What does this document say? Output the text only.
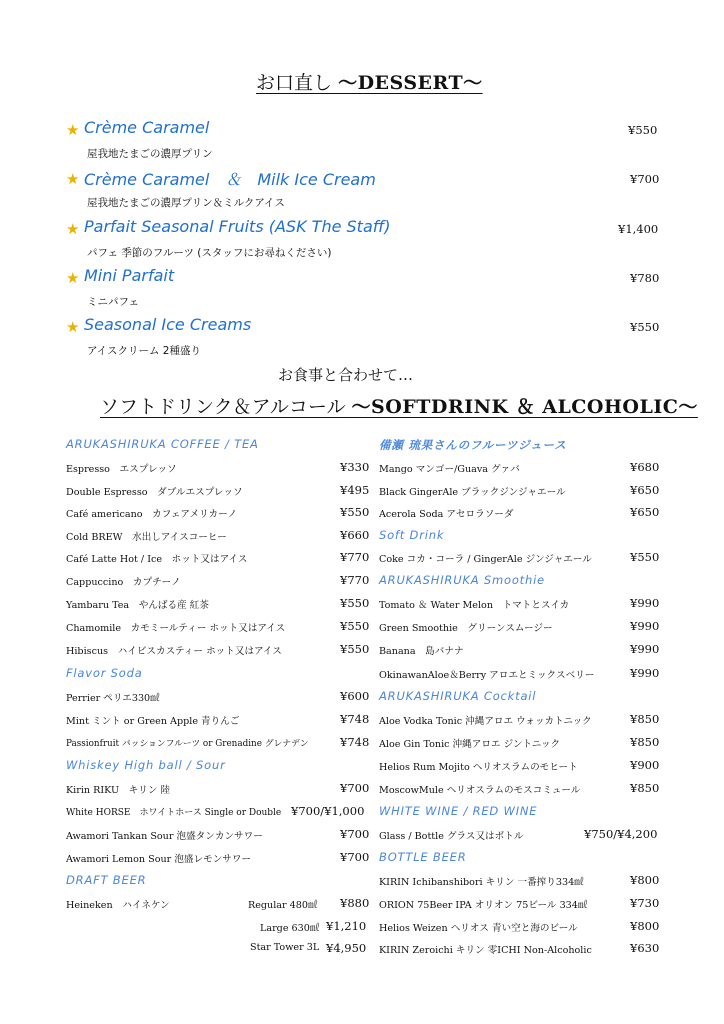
お口直し 〜DESSERT〜
★ Crème Caramel	¥550
屋我地たまごの濃厚プリン
★ Crème Caramel　＆　Milk Ice Cream	¥700
屋我地たまごの濃厚プリン＆ミルクアイス
★ Parfait Seasonal Fruits (ASK The Staff)	¥1,400
パフェ 季節のフルーツ (スタッフにお尋ねください)
★ Mini Parfait	¥780
ミニパフェ
★ Seasonal Ice Creams	¥550
アイスクリーム 2種盛り
お食事と合わせて…
ソフトドリンク＆アルコール 〜SOFTDRINK ＆ ALCOHOLIC〜
ARUKASHIRUKA COFFEE / TEA
Espresso　エスプレッソ	¥330
Double Espresso　ダブルエスプレッソ	¥495
Café americano　カフェアメリカーノ	¥550
Cold BREW　水出しアイスコーヒー	¥660
Café Latte Hot / Ice　ホット又はアイス	¥770
Cappuccino　カプチーノ	¥770
Yambaru Tea　やんばる産 紅茶	¥550
Chamomile　カモミールティー ホット又はアイス	¥550
Hibiscus　ハイビスカスティー ホット又はアイス	¥550
Flavor Soda
Perrier ペリエ330㎖	¥600
Mint ミント or Green Apple 青りんご	¥748
Passionfruit パッションフルーツ or Grenadine グレナデン	¥748
Whiskey High ball / Sour
Kirin RIKU　キリン 陸	¥700
White HORSE　ホワイトホース Single or Double ¥700/¥1,000
Awamori Tankan Sour 泡盛タンカンサワー	¥700
Awamori Lemon Sour 泡盛レモンサワー	¥700
DRAFT BEER
Heineken　ハイネケン	Regular 480㎖ ¥880
Large 630㎖ ¥1,210
Star Tower 3L ¥4,950
備瀬 琉果さんのフルーツジュース
Mango マンゴー/Guava グァバ	¥680
Black GingerAle ブラックジンジャエール	¥650
Acerola Soda アセロラソーダ	¥650
Soft Drink
Coke コカ・コーラ / GingerAle ジンジャエール	¥550
ARUKASHIRUKA Smoothie
Tomato ＆ Water Melon　トマトとスイカ	¥990
Green Smoothie　グリーンスムージー	¥990
Banana　島バナナ	¥990
OkinawanAloe＆Berry アロエとミックスベリー	¥990
ARUKASHIRUKA Cocktail
Aloe Vodka Tonic 沖縄アロエ ウォッカトニック	¥850
Aloe Gin Tonic 沖縄アロエ ジントニック	¥850
Helios Rum Mojito ヘリオスラムのモヒート	¥900
MoscowMule ヘリオスラムのモスコミュール	¥850
WHITE WINE / RED WINE
Glass / Bottle グラス又はボトル	¥750/¥4,200
BOTTLE BEER
KIRIN Ichibanshibori キリン 一番搾り334㎖	¥800
ORION 75Beer IPA オリオン 75ビール 334㎖	¥730
Helios Weizen ヘリオス 青い空と海のビール	¥800
KIRIN Zeroichi キリン 零ICHI Non-Alcoholic	¥630
